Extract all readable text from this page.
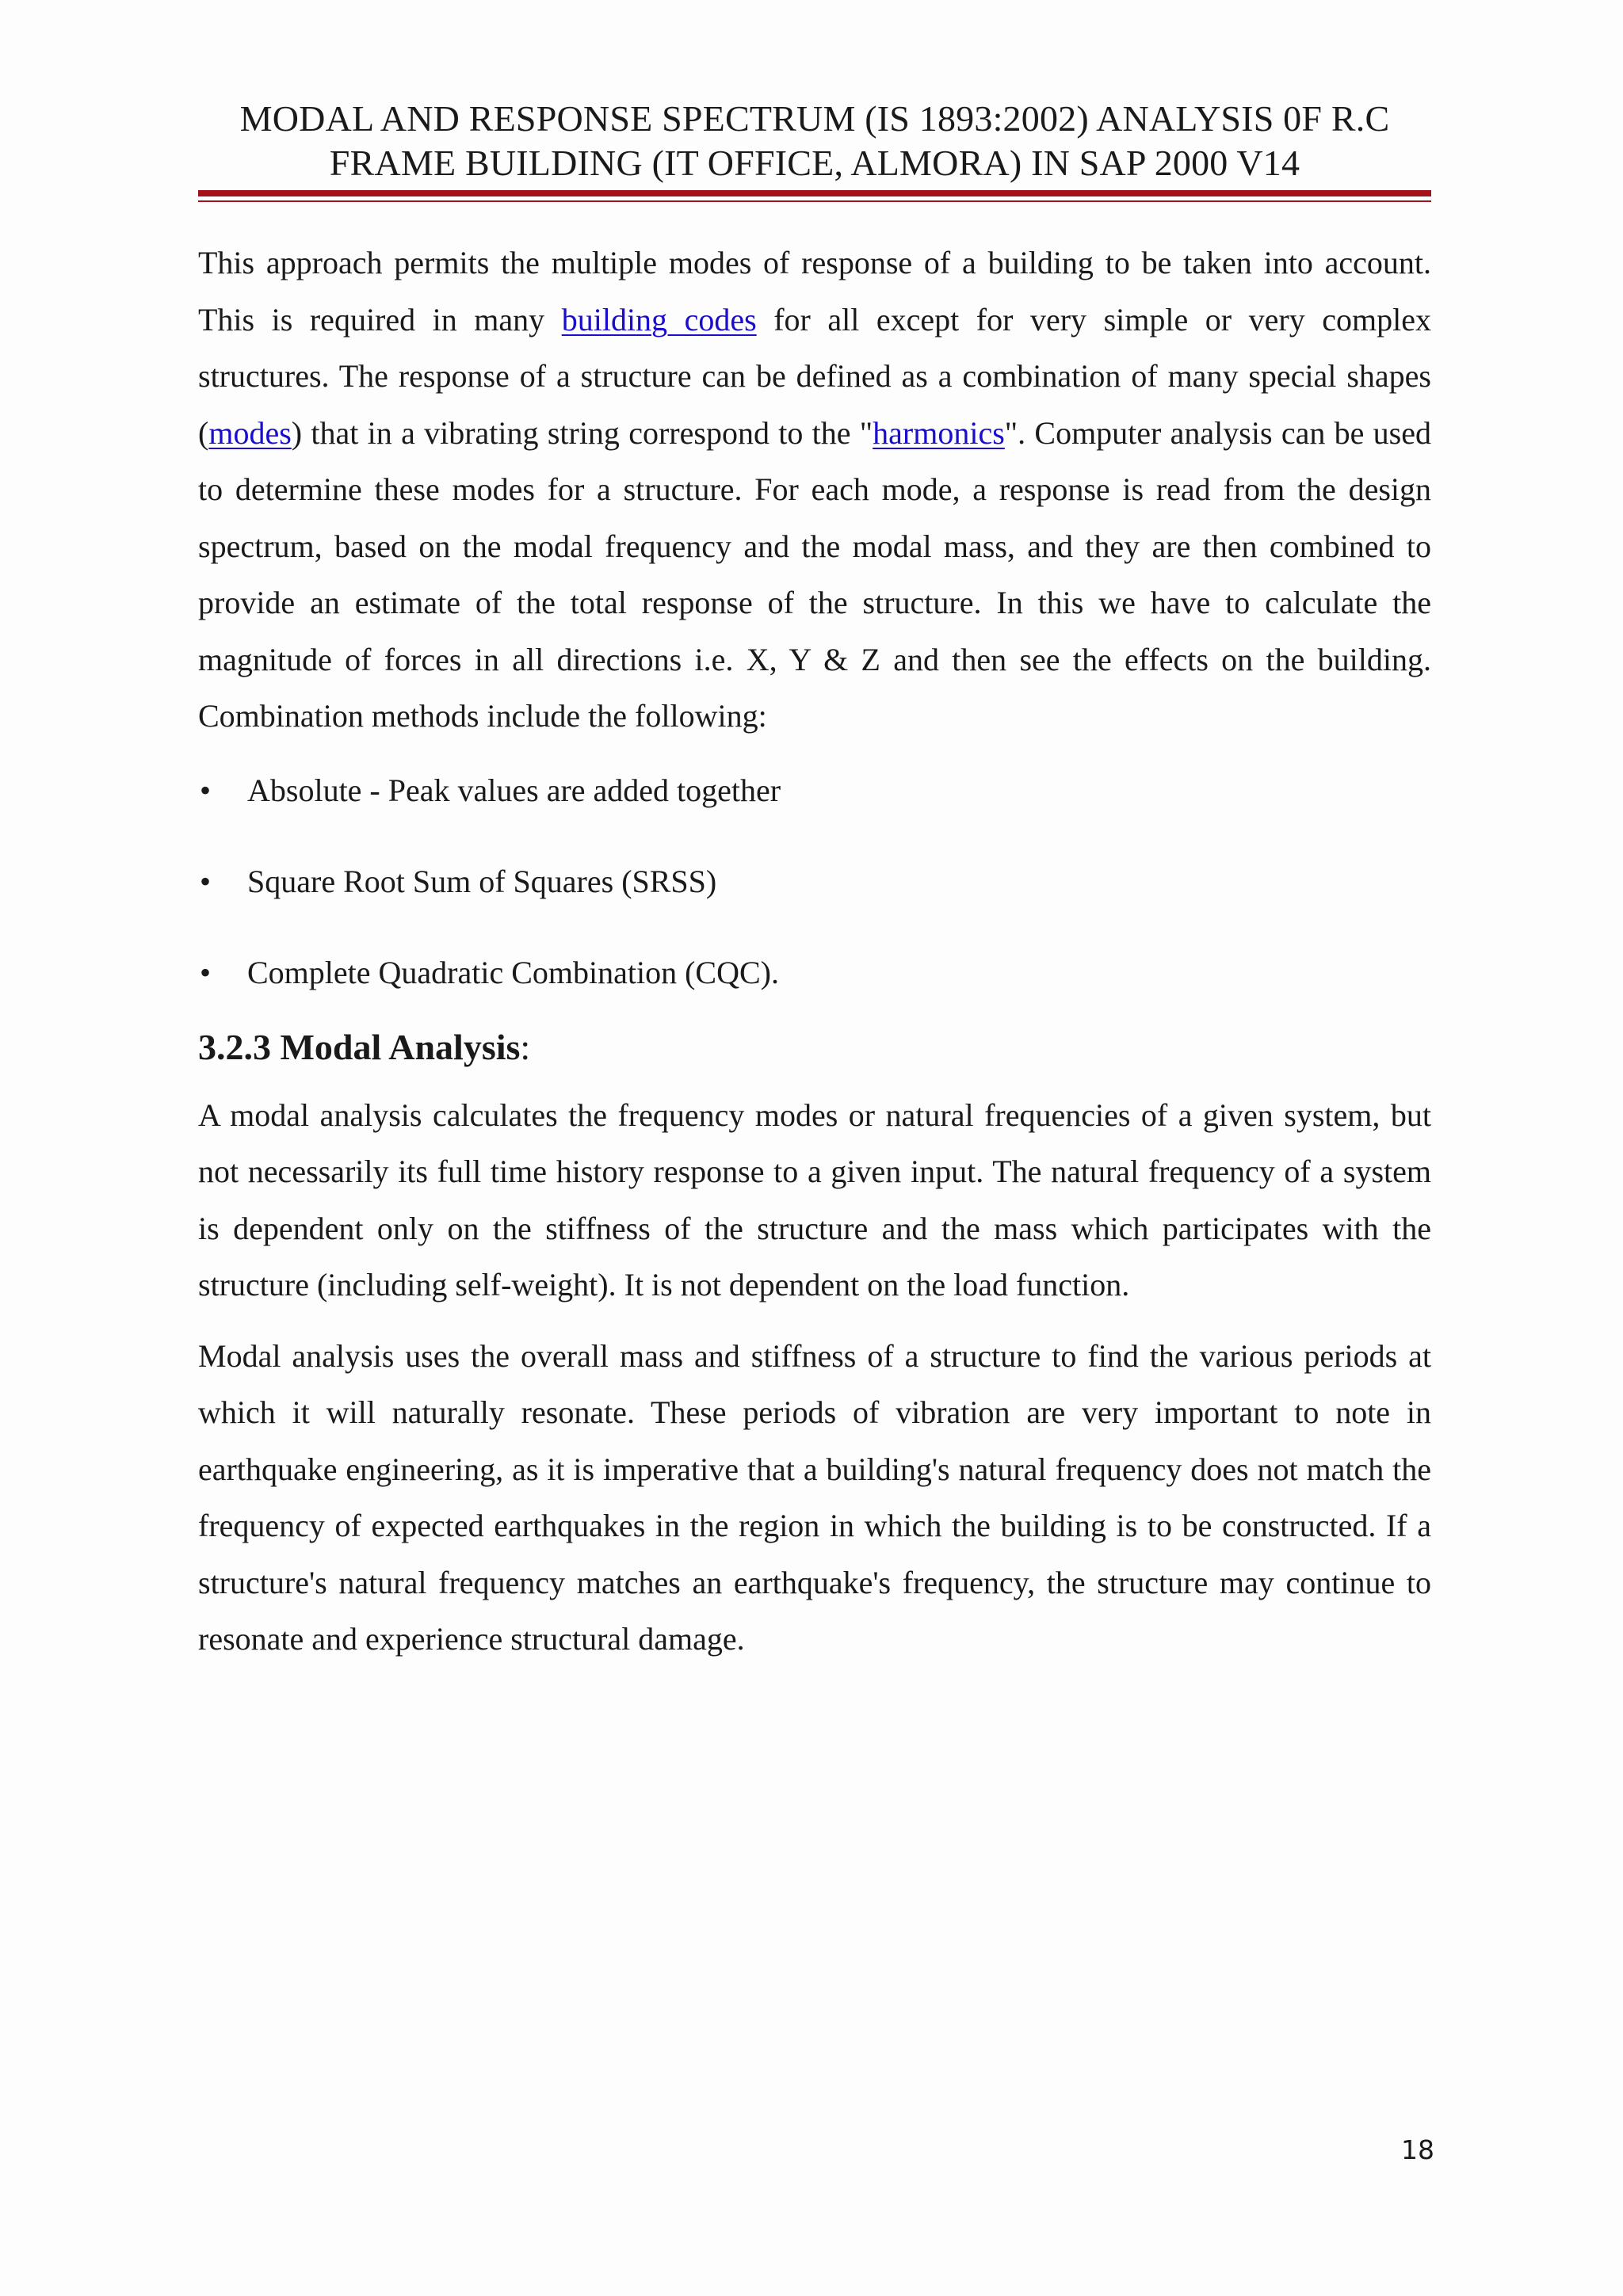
MODAL AND RESPONSE SPECTRUM (IS 1893:2002) ANALYSIS 0F R.C
FRAME BUILDING (IT OFFICE, ALMORA) IN SAP 2000 V14

This approach permits the multiple modes of response of a building to be taken into account. This is required in many building codes for all except for very simple or very complex structures. The response of a structure can be defined as a combination of many special shapes (modes) that in a vibrating string correspond to the "harmonics". Computer analysis can be used to determine these modes for a structure. For each mode, a response is read from the design spectrum, based on the modal frequency and the modal mass, and they are then combined to provide an estimate of the total response of the structure. In this we have to calculate the magnitude of forces in all directions i.e. X, Y & Z and then see the effects on the building. Combination methods include the following:

•	Absolute - Peak values are added together
•	Square Root Sum of Squares (SRSS)
•	Complete Quadratic Combination (CQC).
3.2.3 Modal Analysis:

A modal analysis calculates the frequency modes or natural frequencies of a given system, but not necessarily its full time history response to a given input. The natural frequency of a system is dependent only on the stiffness of the structure and the mass which participates with the structure (including self-weight). It is not dependent on the load function.

Modal analysis uses the overall mass and stiffness of a structure to find the various periods at which it will naturally resonate. These periods of vibration are very important to note in earthquake engineering, as it is imperative that a building's natural frequency does not match the frequency of expected earthquakes in the region in which the building is to be constructed. If a structure's natural frequency matches an earthquake's frequency, the structure may continue to resonate and experience structural damage.

18
